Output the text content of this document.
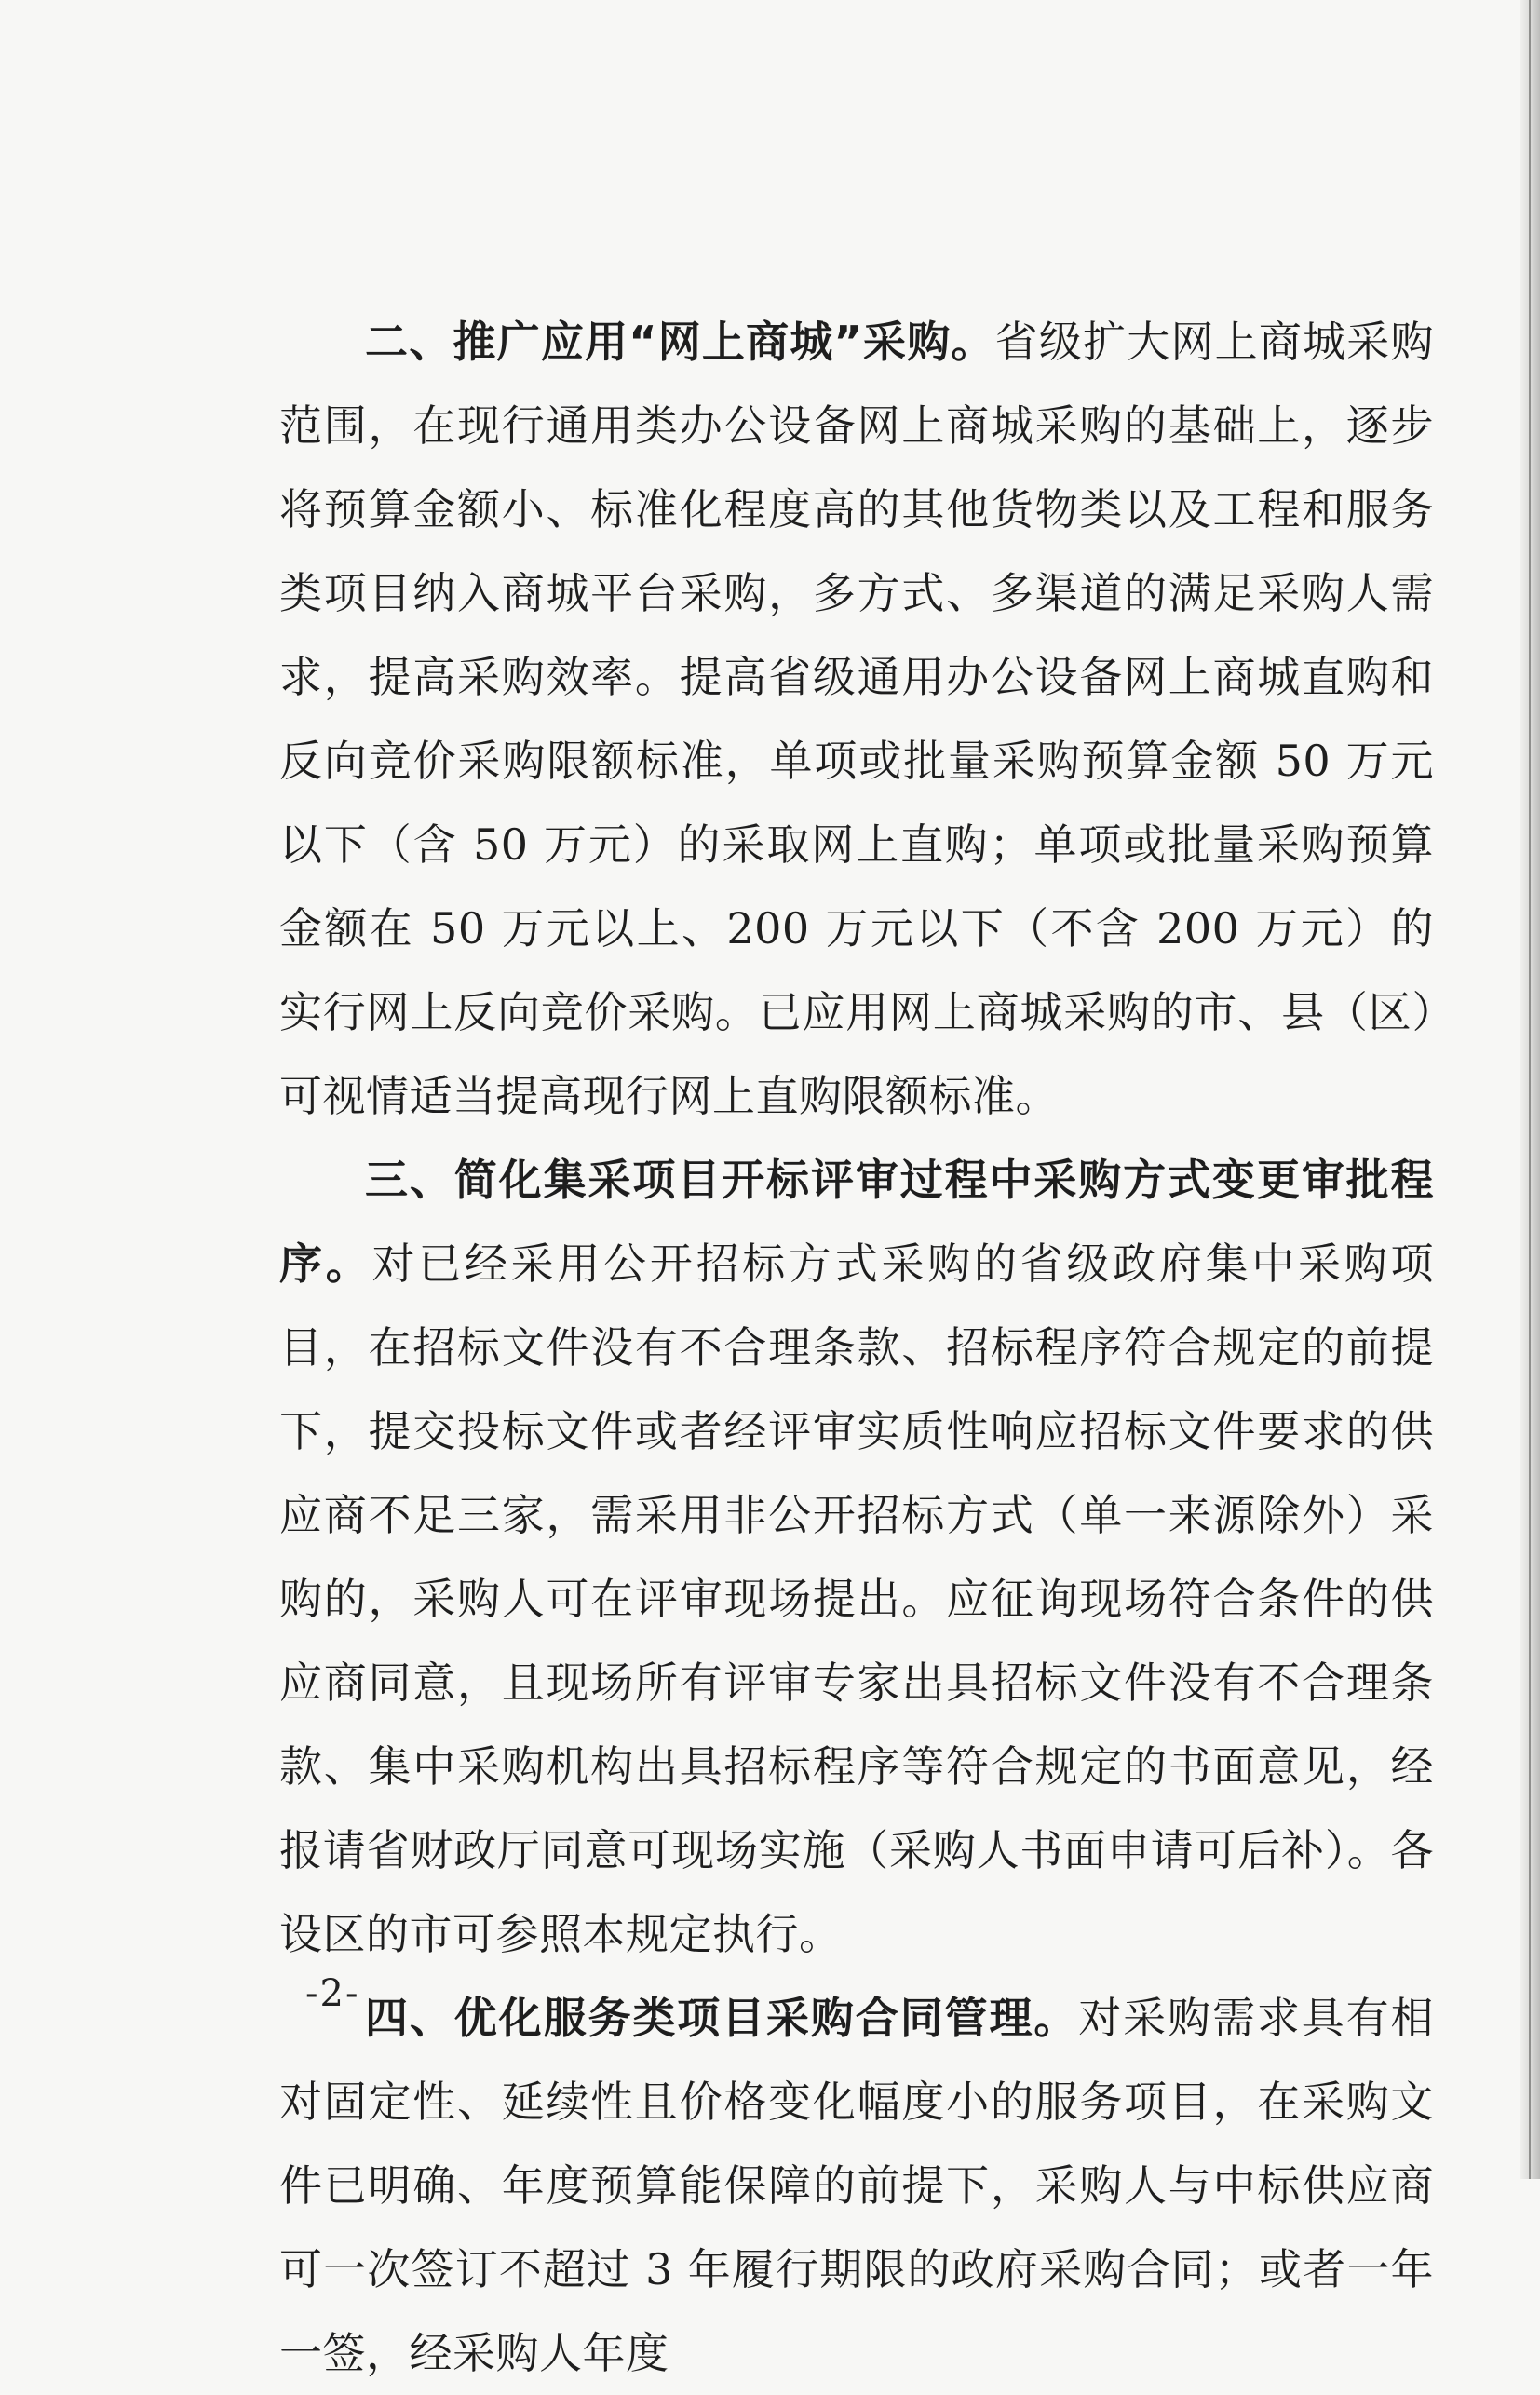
二、推广应用“网上商城”采购。省级扩大网上商城采购范围，在现行通用类办公设备网上商城采购的基础上，逐步将预算金额小、标准化程度高的其他货物类以及工程和服务类项目纳入商城平台采购，多方式、多渠道的满足采购人需求，提高采购效率。提高省级通用办公设备网上商城直购和反向竞价采购限额标准，单项或批量采购预算金额 50 万元以下（含 50 万元）的采取网上直购；单项或批量采购预算金额在 50 万元以上、200 万元以下（不含 200 万元）的实行网上反向竞价采购。已应用网上商城采购的市、县（区）可视情适当提高现行网上直购限额标准。

三、简化集采项目开标评审过程中采购方式变更审批程序。对已经采用公开招标方式采购的省级政府集中采购项目，在招标文件没有不合理条款、招标程序符合规定的前提下，提交投标文件或者经评审实质性响应招标文件要求的供应商不足三家，需采用非公开招标方式（单一来源除外）采购的，采购人可在评审现场提出。应征询现场符合条件的供应商同意，且现场所有评审专家出具招标文件没有不合理条款、集中采购机构出具招标程序等符合规定的书面意见，经报请省财政厅同意可现场实施（采购人书面申请可后补）。各设区的市可参照本规定执行。

四、优化服务类项目采购合同管理。对采购需求具有相对固定性、延续性且价格变化幅度小的服务项目，在采购文件已明确、年度预算能保障的前提下，采购人与中标供应商可一次签订不超过 3 年履行期限的政府采购合同；或者一年一签，经采购人年度

-2-
